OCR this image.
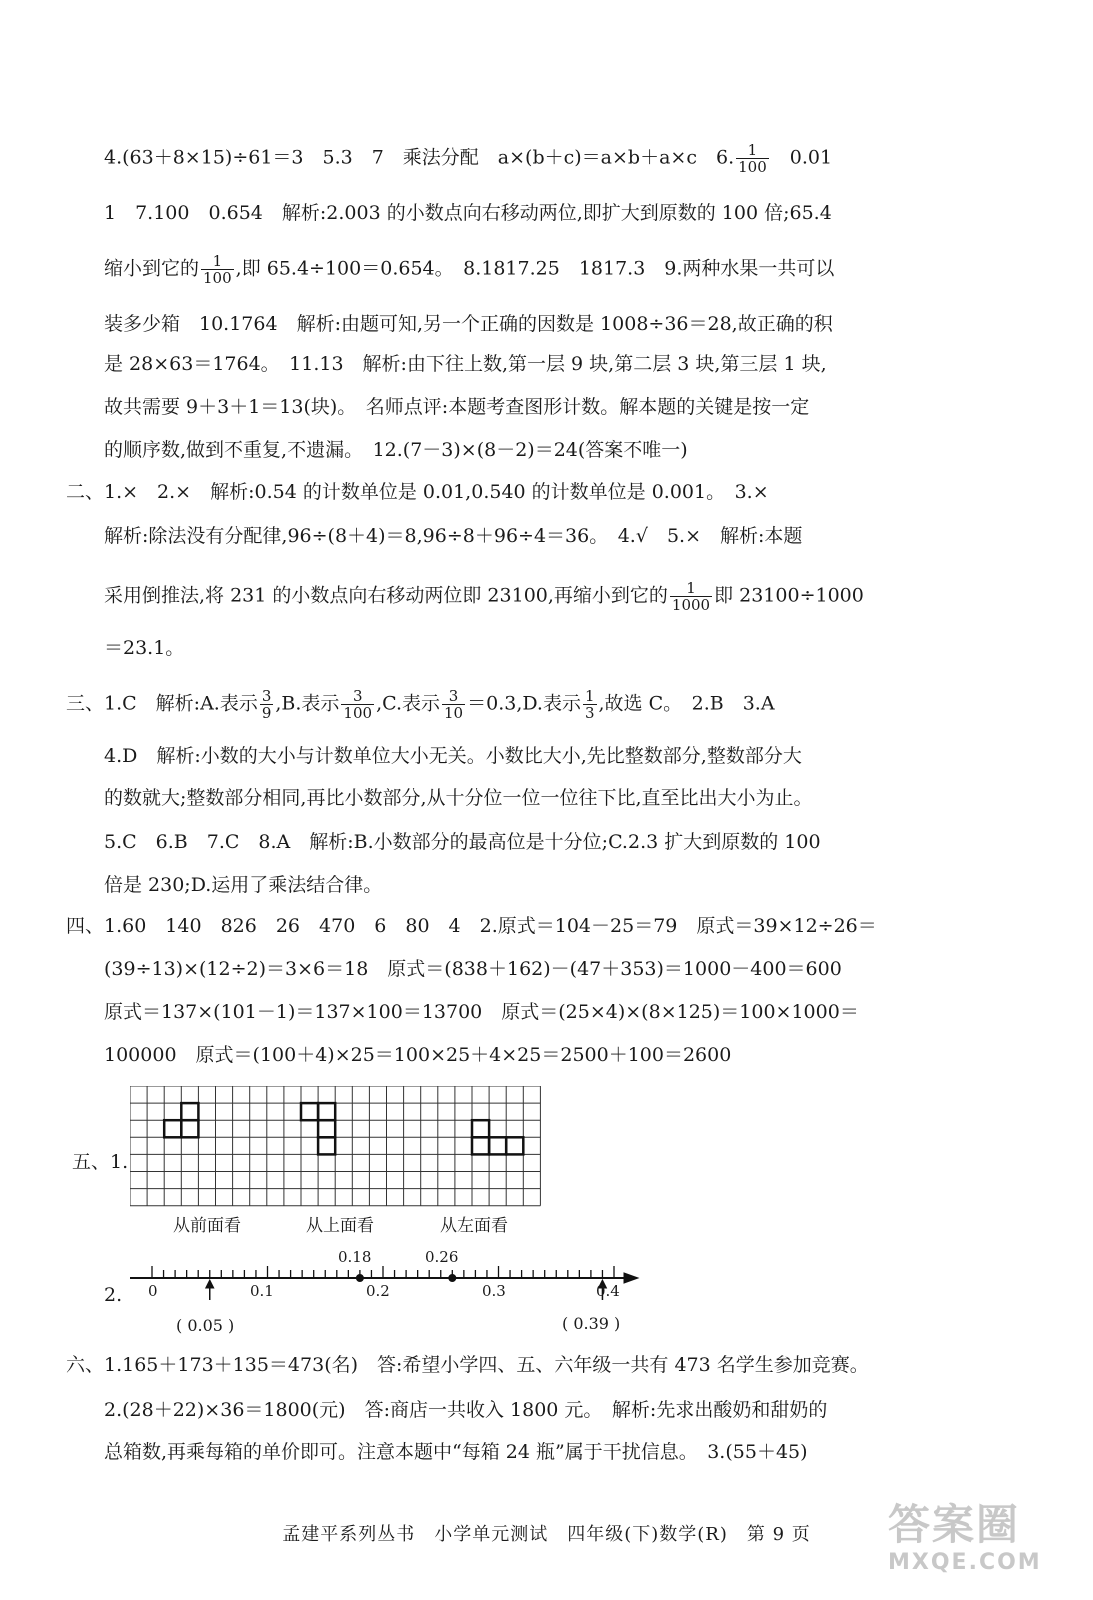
4.(63＋8×15)÷61＝3　5.3　7　乘法分配　a×(b＋c)＝a×b＋a×c　6. $\frac{1}{100}$
　 0.01
1　7.100　0.654　解析:2.003 的小数点向右移动两位,即扩大到原数的 100 倍;65.4
缩小到它的 $\frac{1}{100}$ ,即 65.4÷100＝0.654。　8.1817.25　1817.3　9.两种水果一共可以
装多少箱　10.1764　解析:由题可知,另一个正确的因数是 1008÷36＝28,故正确的积
是 28×63＝1764。　11.13　解析:由下往上数,第一层 9 块,第二层 3 块,第三层 1 块,
故共需要 9＋3＋1＝13(块)。　名师点评:本题考查图形计数。解本题的关键是按一定
的顺序数,做到不重复,不遗漏。　12.(7－3)×(8－2)＝24(答案不唯一)
二、1.×　2.×　解析:0.54 的计数单位是 0.01,0.540 的计数单位是 0.001。　3.×
解析:除法没有分配律,96÷(8＋4)＝8,96÷8＋96÷4＝36。　4.√　5.×　解析:本题
采用倒推法,将 231 的小数点向右移动两位即 23100,再缩小到它的 $\frac{1}{1000}$ 即 23100÷1000
＝23.1。
三、1.C　解析:A.表示 $\frac{3}{9} ,B$.表示 $\frac{3}{100} ,C$.表示 $\frac{3}{10} =0.3,D$.表示 $\frac{1}{3}$ ,故选 C。　2.B　3.A
4.D　解析:小数的大小与计数单位大小无关。小数比大小,先比整数部分,整数部分大
的数就大;整数部分相同,再比小数部分,从十分位一位一位往下比,直至比出大小为止。
5.C　6.B　7.C　8.A　解析:B.小数部分的最高位是十分位;C.2.3 扩大到原数的 100
倍是 230;D.运用了乘法结合律。
四、1.60　140　826　26　470　6　80　4　2.原式＝104－25＝79　原式＝39×12÷26＝
(39÷13)×(12÷2)＝3×6＝18　原式＝(838＋162)－(47＋353)＝1000－400＝600
原式＝137×(101－1)＝137×100＝13700　原式＝(25×4)×(8×125)＝100×1000＝
100000　原式＝(100＋4)×25＝100×25＋4×25＝2500＋100＝2600
五、1.
从前面看	从上面看	从左面看
2. 0	0.1	0.2	0.3	0.4
0.18	0.26
( 0.05 )	( 0.39 )
六、1.165＋173＋135＝473(名)　答:希望小学四、五、六年级一共有 473 名学生参加竞赛。
2.(28＋22)×36＝1800(元)　答:商店一共收入 1800 元。　解析:先求出酸奶和甜奶的
总箱数,再乘每箱的单价即可。注意本题中“每箱 24 瓶”属于干扰信息。　3.(55＋45)
孟建平系列丛书　小学单元测试　四年级(下)数学(R)　第 9 页	答案圈
MXQE.COM
